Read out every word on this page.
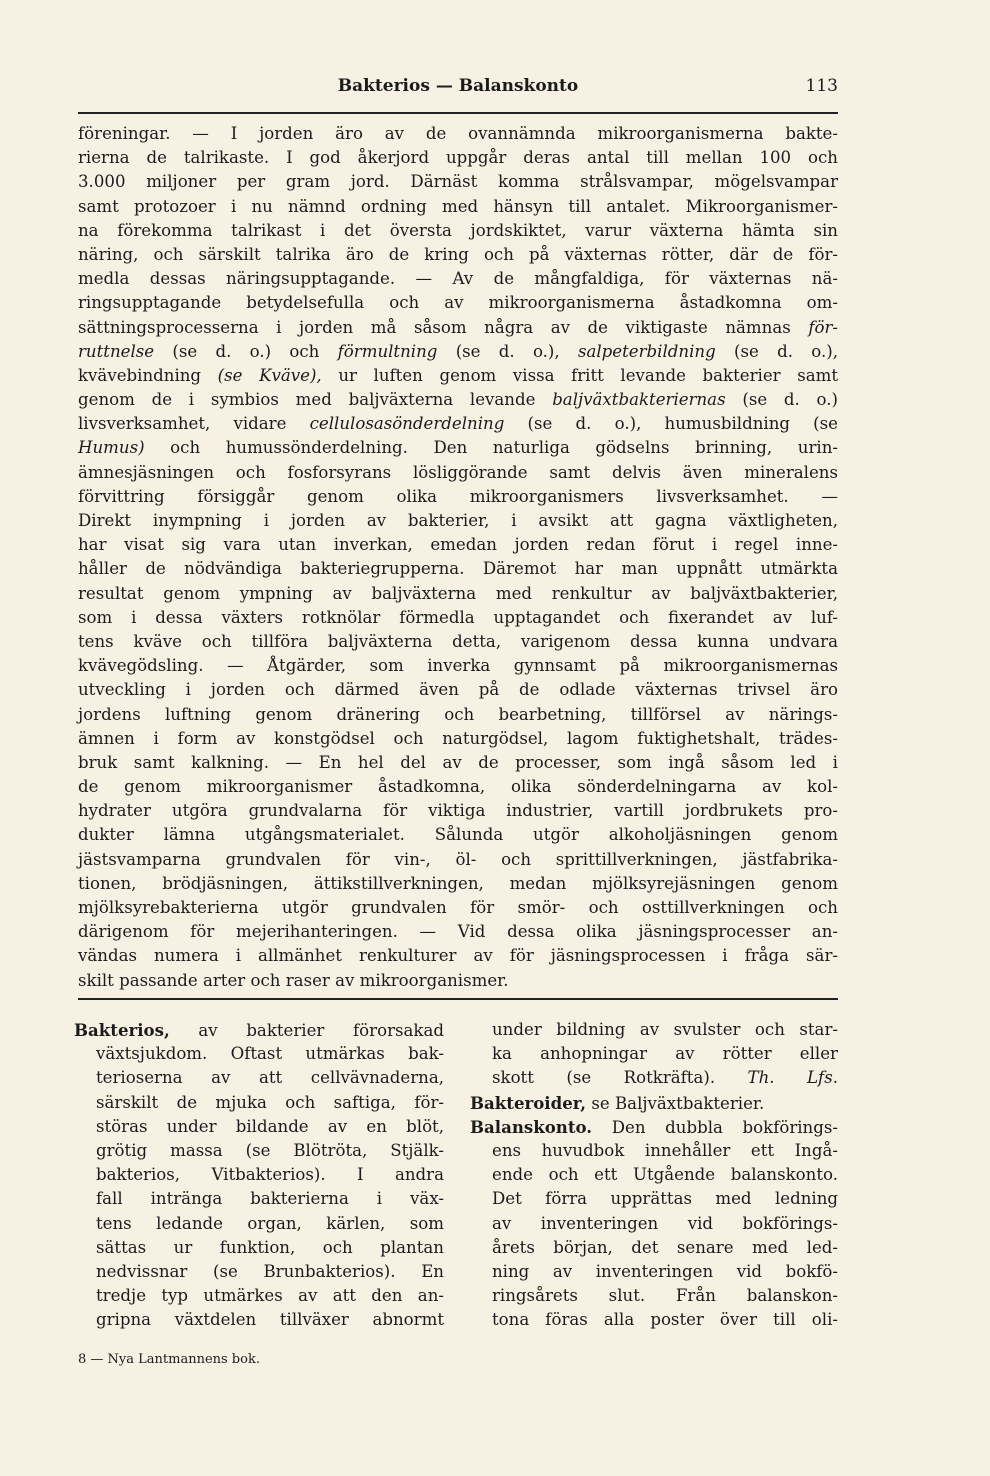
Bakterios — Balanskonto	113
föreningar. — I jorden äro av de ovannämnda mikroorganismerna bakte-
rierna de talrikaste. I god åkerjord uppgår deras antal till mellan 100 och
3.000 miljoner per gram jord. Därnäst komma strålsvampar, mögelsvampar
samt protozoer i nu nämnd ordning med hänsyn till antalet. Mikroorganismer-
na förekomma talrikast i det översta jordskiktet, varur växterna hämta sin
näring, och särskilt talrika äro de kring och på växternas rötter, där de för-
medla dessas näringsupptagande. — Av de mångfaldiga, för växternas nä-
ringsupptagande betydelsefulla och av mikroorganismerna åstadkomna om-
sättningsprocesserna i jorden må såsom några av de viktigaste nämnas för-
ruttnelse (se d. o.) och förmultning (se d. o.), salpeterbildning (se d. o.),
kvävebindning (se Kväve), ur luften genom vissa fritt levande bakterier samt
genom de i symbios med baljväxterna levande baljväxtbakteriernas (se d. o.)
livsverksamhet, vidare cellulosasönderdelning (se d. o.), humusbildning (se
Humus) och humussönderdelning. Den naturliga gödselns brinning, urin-
ämnesjäsningen och fosforsyrans lösliggörande samt delvis även mineralens
förvittring försiggår genom olika mikroorganismers livsverksamhet. —
Direkt inympning i jorden av bakterier, i avsikt att gagna växtligheten,
har visat sig vara utan inverkan, emedan jorden redan förut i regel inne-
håller de nödvändiga bakteriegrupperna. Däremot har man uppnått utmärkta
resultat genom ympning av baljväxterna med renkultur av baljväxtbakterier,
som i dessa växters rotknölar förmedla upptagandet och fixerandet av luf-
tens kväve och tillföra baljväxterna detta, varigenom dessa kunna undvara
kvävegödsling. — Åtgärder, som inverka gynnsamt på mikroorganismernas
utveckling i jorden och därmed även på de odlade växternas trivsel äro
jordens luftning genom dränering och bearbetning, tillförsel av närings-
ämnen i form av konstgödsel och naturgödsel, lagom fuktighetshalt, trädes-
bruk samt kalkning. — En hel del av de processer, som ingå såsom led i
de genom mikroorganismer åstadkomna, olika sönderdelningarna av kol-
hydrater utgöra grundvalarna för viktiga industrier, vartill jordbrukets pro-
dukter lämna utgångsmaterialet. Sålunda utgör alkoholjäsningen genom
jästsvamparna grundvalen för vin-, öl- och sprittillverkningen, jästfabrika-
tionen, brödjäsningen, ättikstillverkningen, medan mjölksyrejäsningen genom
mjölksyrebakterierna utgör grundvalen för smör- och osttillverkningen och
därigenom för mejerihanteringen. — Vid dessa olika jäsningsprocesser an-
vändas numera i allmänhet renkulturer av för jäsningsprocessen i fråga sär-
skilt passande arter och raser av mikroorganismer.
Bakterios, av bakterier förorsakad
växtsjukdom. Oftast utmärkas bak-
terioserna av att cellvävnaderna,
särskilt de mjuka och saftiga, för-
störas under bildande av en blöt,
grötig massa (se Blötröta, Stjälk-
bakterios, Vitbakterios). I andra
fall intränga bakterierna i väx-
tens ledande organ, kärlen, som
sättas ur funktion, och plantan
nedvissnar (se Brunbakterios). En
tredje typ utmärkes av att den an-
gripna växtdelen tillväxer abnormt
under bildning av svulster och star-
ka anhopningar av rötter eller
skott (se Rotkräfta). Th. Lfs.
Bakteroider, se Baljväxtbakterier.
Balanskonto. Den dubbla bokförings-
ens huvudbok innehåller ett Ingå-
ende och ett Utgående balanskonto.
Det förra upprättas med ledning
av inventeringen vid bokförings-
årets början, det senare med led-
ning av inventeringen vid bokfö-
ringsårets slut. Från balanskon-
tona föras alla poster över till oli-
8 — Nya Lantmannens bok.
